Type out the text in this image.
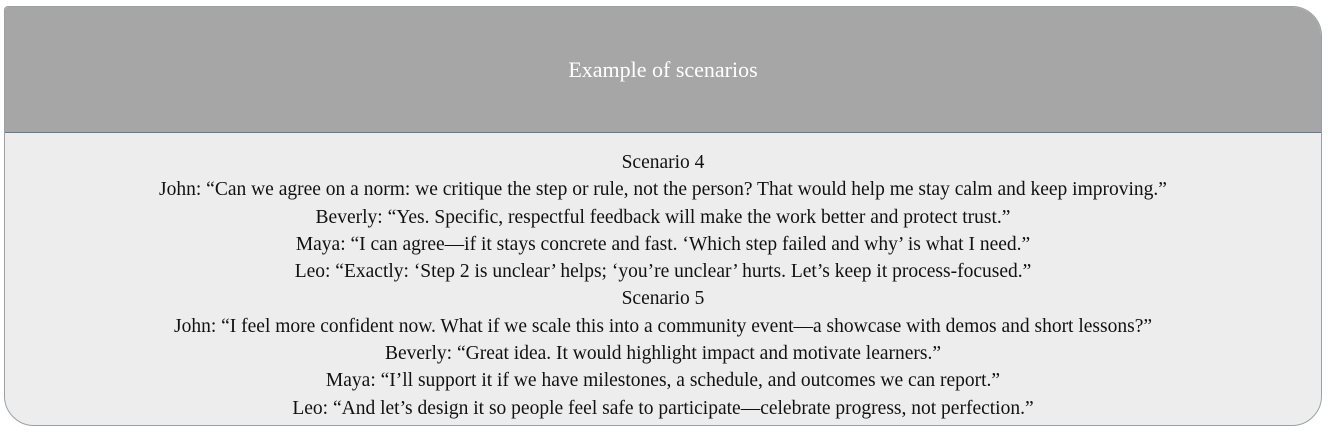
Example of scenarios
Scenario 4
John: “Can we agree on a norm: we critique the step or rule, not the person? That would help me stay calm and keep improving.”
Beverly: “Yes. Specific, respectful feedback will make the work better and protect trust.”
Maya: “I can agree—if it stays concrete and fast. ‘Which step failed and why’ is what I need.”
Leo: “Exactly: ‘Step 2 is unclear’ helps; ‘you’re unclear’ hurts. Let’s keep it process-focused.”
Scenario 5
John: “I feel more confident now. What if we scale this into a community event—a showcase with demos and short lessons?”
Beverly: “Great idea. It would highlight impact and motivate learners.”
Maya: “I’ll support it if we have milestones, a schedule, and outcomes we can report.”
Leo: “And let’s design it so people feel safe to participate—celebrate progress, not perfection.”
